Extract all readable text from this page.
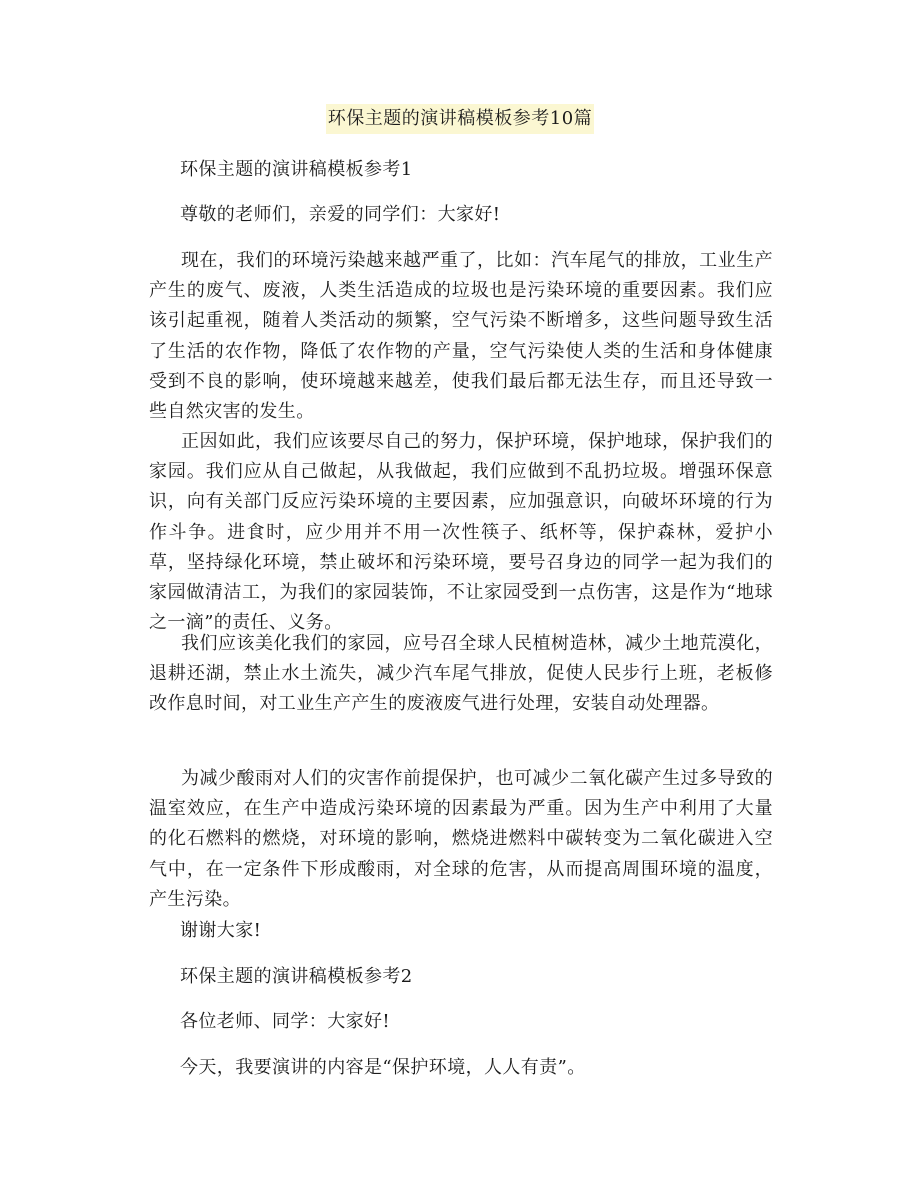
环保主题的演讲稿模板参考10篇
环保主题的演讲稿模板参考1
尊敬的老师们，亲爱的同学们：大家好!
现在，我们的环境污染越来越严重了，比如：汽车尾气的排放，工业生产产生的废气、废液，人类生活造成的垃圾也是污染环境的重要因素。我们应该引起重视，随着人类活动的频繁，空气污染不断增多，这些问题导致生活了生活的农作物，降低了农作物的产量，空气污染使人类的生活和身体健康受到不良的影响，使环境越来越差，使我们最后都无法生存，而且还导致一些自然灾害的发生。
正因如此，我们应该要尽自己的努力，保护环境，保护地球，保护我们的家园。我们应从自己做起，从我做起，我们应做到不乱扔垃圾。增强环保意识，向有关部门反应污染环境的主要因素，应加强意识，向破坏环境的行为作斗争。进食时，应少用并不用一次性筷子、纸杯等，保护森林，爱护小草，坚持绿化环境，禁止破坏和污染环境，要号召身边的同学一起为我们的家园做清洁工，为我们的家园装饰，不让家园受到一点伤害，这是作为“地球之一滴”的责任、义务。
我们应该美化我们的家园，应号召全球人民植树造林，减少土地荒漠化，退耕还湖，禁止水土流失，减少汽车尾气排放，促使人民步行上班，老板修改作息时间，对工业生产产生的废液废气进行处理，安装自动处理器。
为减少酸雨对人们的灾害作前提保护，也可减少二氧化碳产生过多导致的温室效应，在生产中造成污染环境的因素最为严重。因为生产中利用了大量的化石燃料的燃烧，对环境的影响，燃烧进燃料中碳转变为二氧化碳进入空气中，在一定条件下形成酸雨，对全球的危害，从而提高周围环境的温度，产生污染。
谢谢大家!
环保主题的演讲稿模板参考2
各位老师、同学：大家好!
今天，我要演讲的内容是“保护环境，人人有责”。
